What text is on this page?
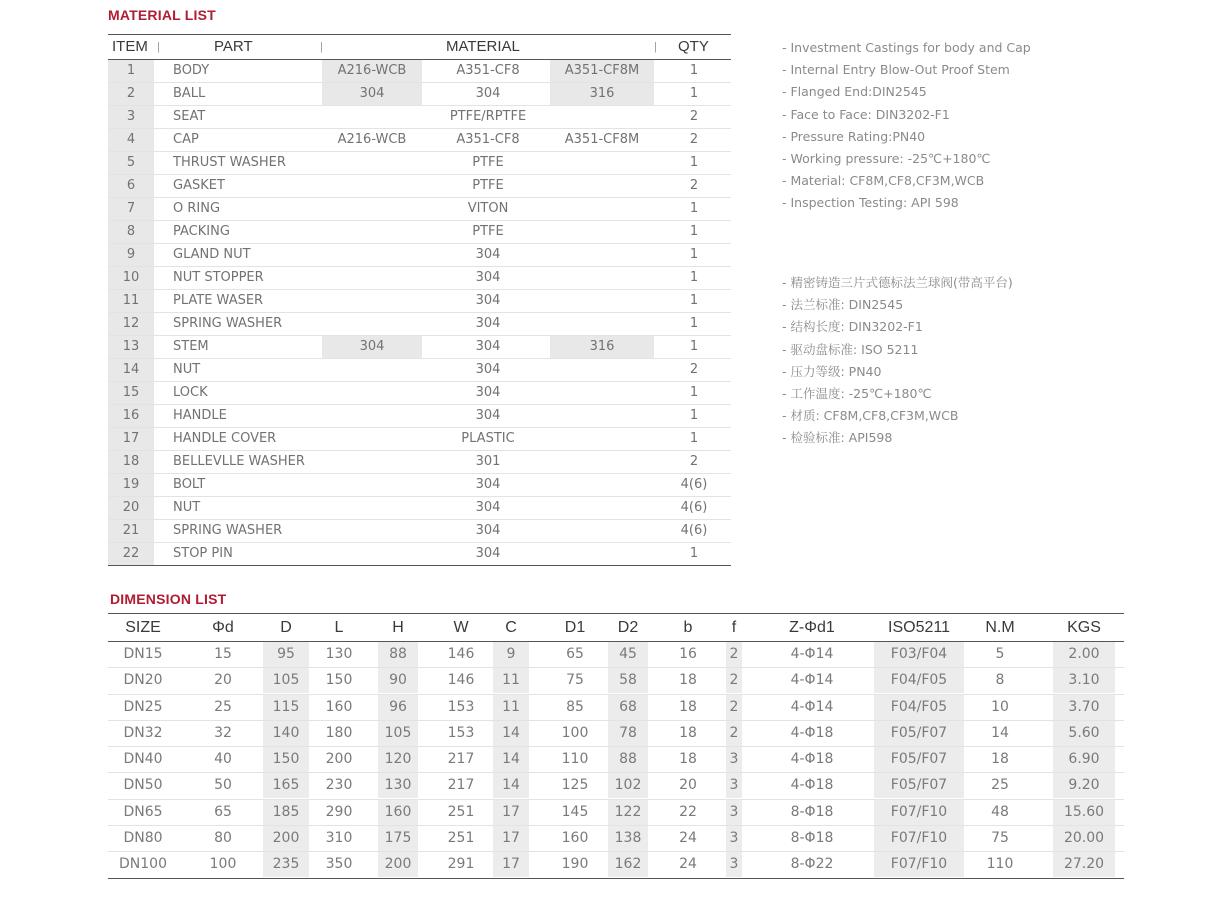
MATERIAL LIST
ITEM |	PART	|	MATERIAL	| QTY
1	BODY	A216-WCB	A351-CF8	A351-CF8M	1
2	BALL	304	304	316	1
3	SEAT	PTFE/RPTFE	2
4	CAP	A216-WCB	A351-CF8	A351-CF8M	2
5	THRUST WASHER	PTFE	1
6	GASKET	PTFE	2
7	O RING	VITON	1
8	PACKING	PTFE	1
9	GLAND NUT	304	1
10	NUT STOPPER	304	1
11	PLATE WASER	304	1
12	SPRING WASHER	304	1
13	STEM	304	304	316	1
14	NUT	304	2
15	LOCK	304	1
16	HANDLE	304	1
17	HANDLE COVER	PLASTIC	1
18	BELLEVLLE WASHER	301	2
19	BOLT	304	4(6)
20	NUT	304	4(6)
21	SPRING WASHER	304	4(6)
22	STOP PIN	304	1
- Investment Castings for body and Cap
- Internal Entry Blow-Out Proof Stem
- Flanged End:DIN2545
- Face to Face: DIN3202-F1
- Pressure Rating:PN40
- Working pressure: -25℃+180℃
- Material: CF8M,CF8,CF3M,WCB
- Inspection Testing: API 598
- 精密铸造三片式德标法兰球阀(带高平台)
- 法兰标准: DIN2545
- 结构长度: DIN3202-F1
- 驱动盘标准: ISO 5211
- 压力等级: PN40
- 工作温度: -25℃+180℃
- 材质: CF8M,CF8,CF3M,WCB
- 检验标准: API598
DIMENSION LIST
SIZE	Φd	D	L	H	W	C	D1	D2	b	f	Z-Φd1	ISO5211	N.M	KGS
DN15	15	95	130	88	146	9	65	45	16	2	4-Φ14	F03/F04	5	2.00
DN20	20	105	150	90	146	11	75	58	18	2	4-Φ14	F04/F05	8	3.10
DN25	25	115	160	96	153	11	85	68	18	2	4-Φ14	F04/F05	10	3.70
DN32	32	140	180	105	153	14	100	78	18	2	4-Φ18	F05/F07	14	5.60
DN40	40	150	200	120	217	14	110	88	18	3	4-Φ18	F05/F07	18	6.90
DN50	50	165	230	130	217	14	125	102	20	3	4-Φ18	F05/F07	25	9.20
DN65	65	185	290	160	251	17	145	122	22	3	8-Φ18	F07/F10	48	15.60
DN80	80	200	310	175	251	17	160	138	24	3	8-Φ18	F07/F10	75	20.00
DN100	100	235	350	200	291	17	190	162	24	3	8-Φ22	F07/F10	110	27.20
